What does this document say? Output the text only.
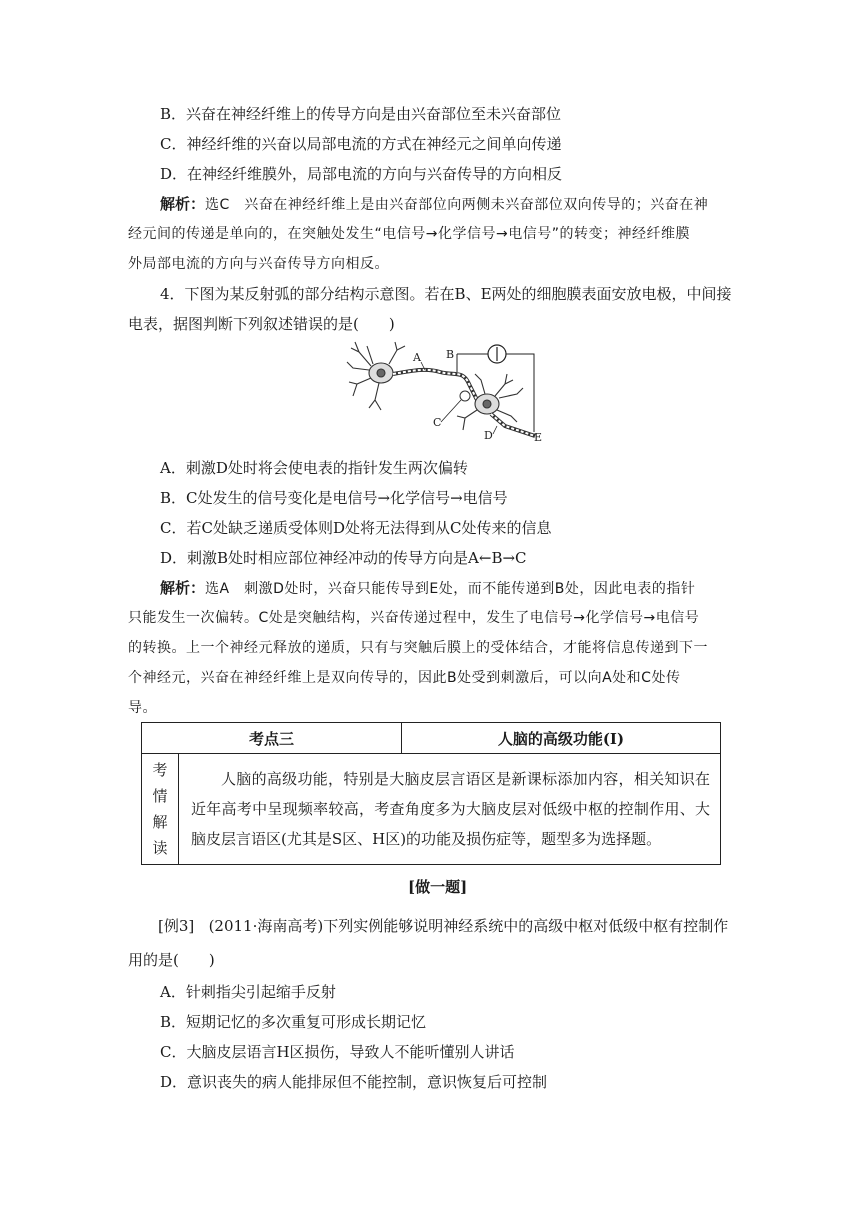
B．兴奋在神经纤维上的传导方向是由兴奋部位至未兴奋部位
C．神经纤维的兴奋以局部电流的方式在神经元之间单向传递
D．在神经纤维膜外，局部电流的方向与兴奋传导的方向相反
解析：选C　兴奋在神经纤维上是由兴奋部位向两侧未兴奋部位双向传导的；兴奋在神
经元间的传递是单向的，在突触处发生“电信号→化学信号→电信号”的转变；神经纤维膜
外局部电流的方向与兴奋传导方向相反。
4．下图为某反射弧的部分结构示意图。若在B、E两处的细胞膜表面安放电极，中间接
电表，据图判断下列叙述错误的是(　　)
A B
C
D	E
A．刺激D处时将会使电表的指针发生两次偏转
B．C处发生的信号变化是电信号→化学信号→电信号
C．若C处缺乏递质受体则D处将无法得到从C处传来的信息
D．刺激B处时相应部位神经冲动的传导方向是A←B→C
解析：选A　刺激D处时，兴奋只能传导到E处，而不能传递到B处，因此电表的指针
只能发生一次偏转。C处是突触结构，兴奋传递过程中，发生了电信号→化学信号→电信号
的转换。上一个神经元释放的递质，只有与突触后膜上的受体结合，才能将信息传递到下一
个神经元，兴奋在神经纤维上是双向传导的，因此B处受到刺激后，可以向A处和C处传
导。
考点三		人脑的高级功能(Ⅰ)

考
情
解
读	人脑的高级功能，特别是大脑皮层言语区是新课标添加内容，相关知识在近年高考中呈现频率较高，考查角度多为大脑皮层对低级中枢的控制作用、大脑皮层言语区(尤其是S区、H区)的功能及损伤症等，题型多为选择题。	
[做一题]
[例3] (2011·海南高考)下列实例能够说明神经系统中的高级中枢对低级中枢有控制作
用的是(　　)
A．针刺指尖引起缩手反射
B．短期记忆的多次重复可形成长期记忆
C．大脑皮层语言H区损伤，导致人不能听懂别人讲话
D．意识丧失的病人能排尿但不能控制，意识恢复后可控制
